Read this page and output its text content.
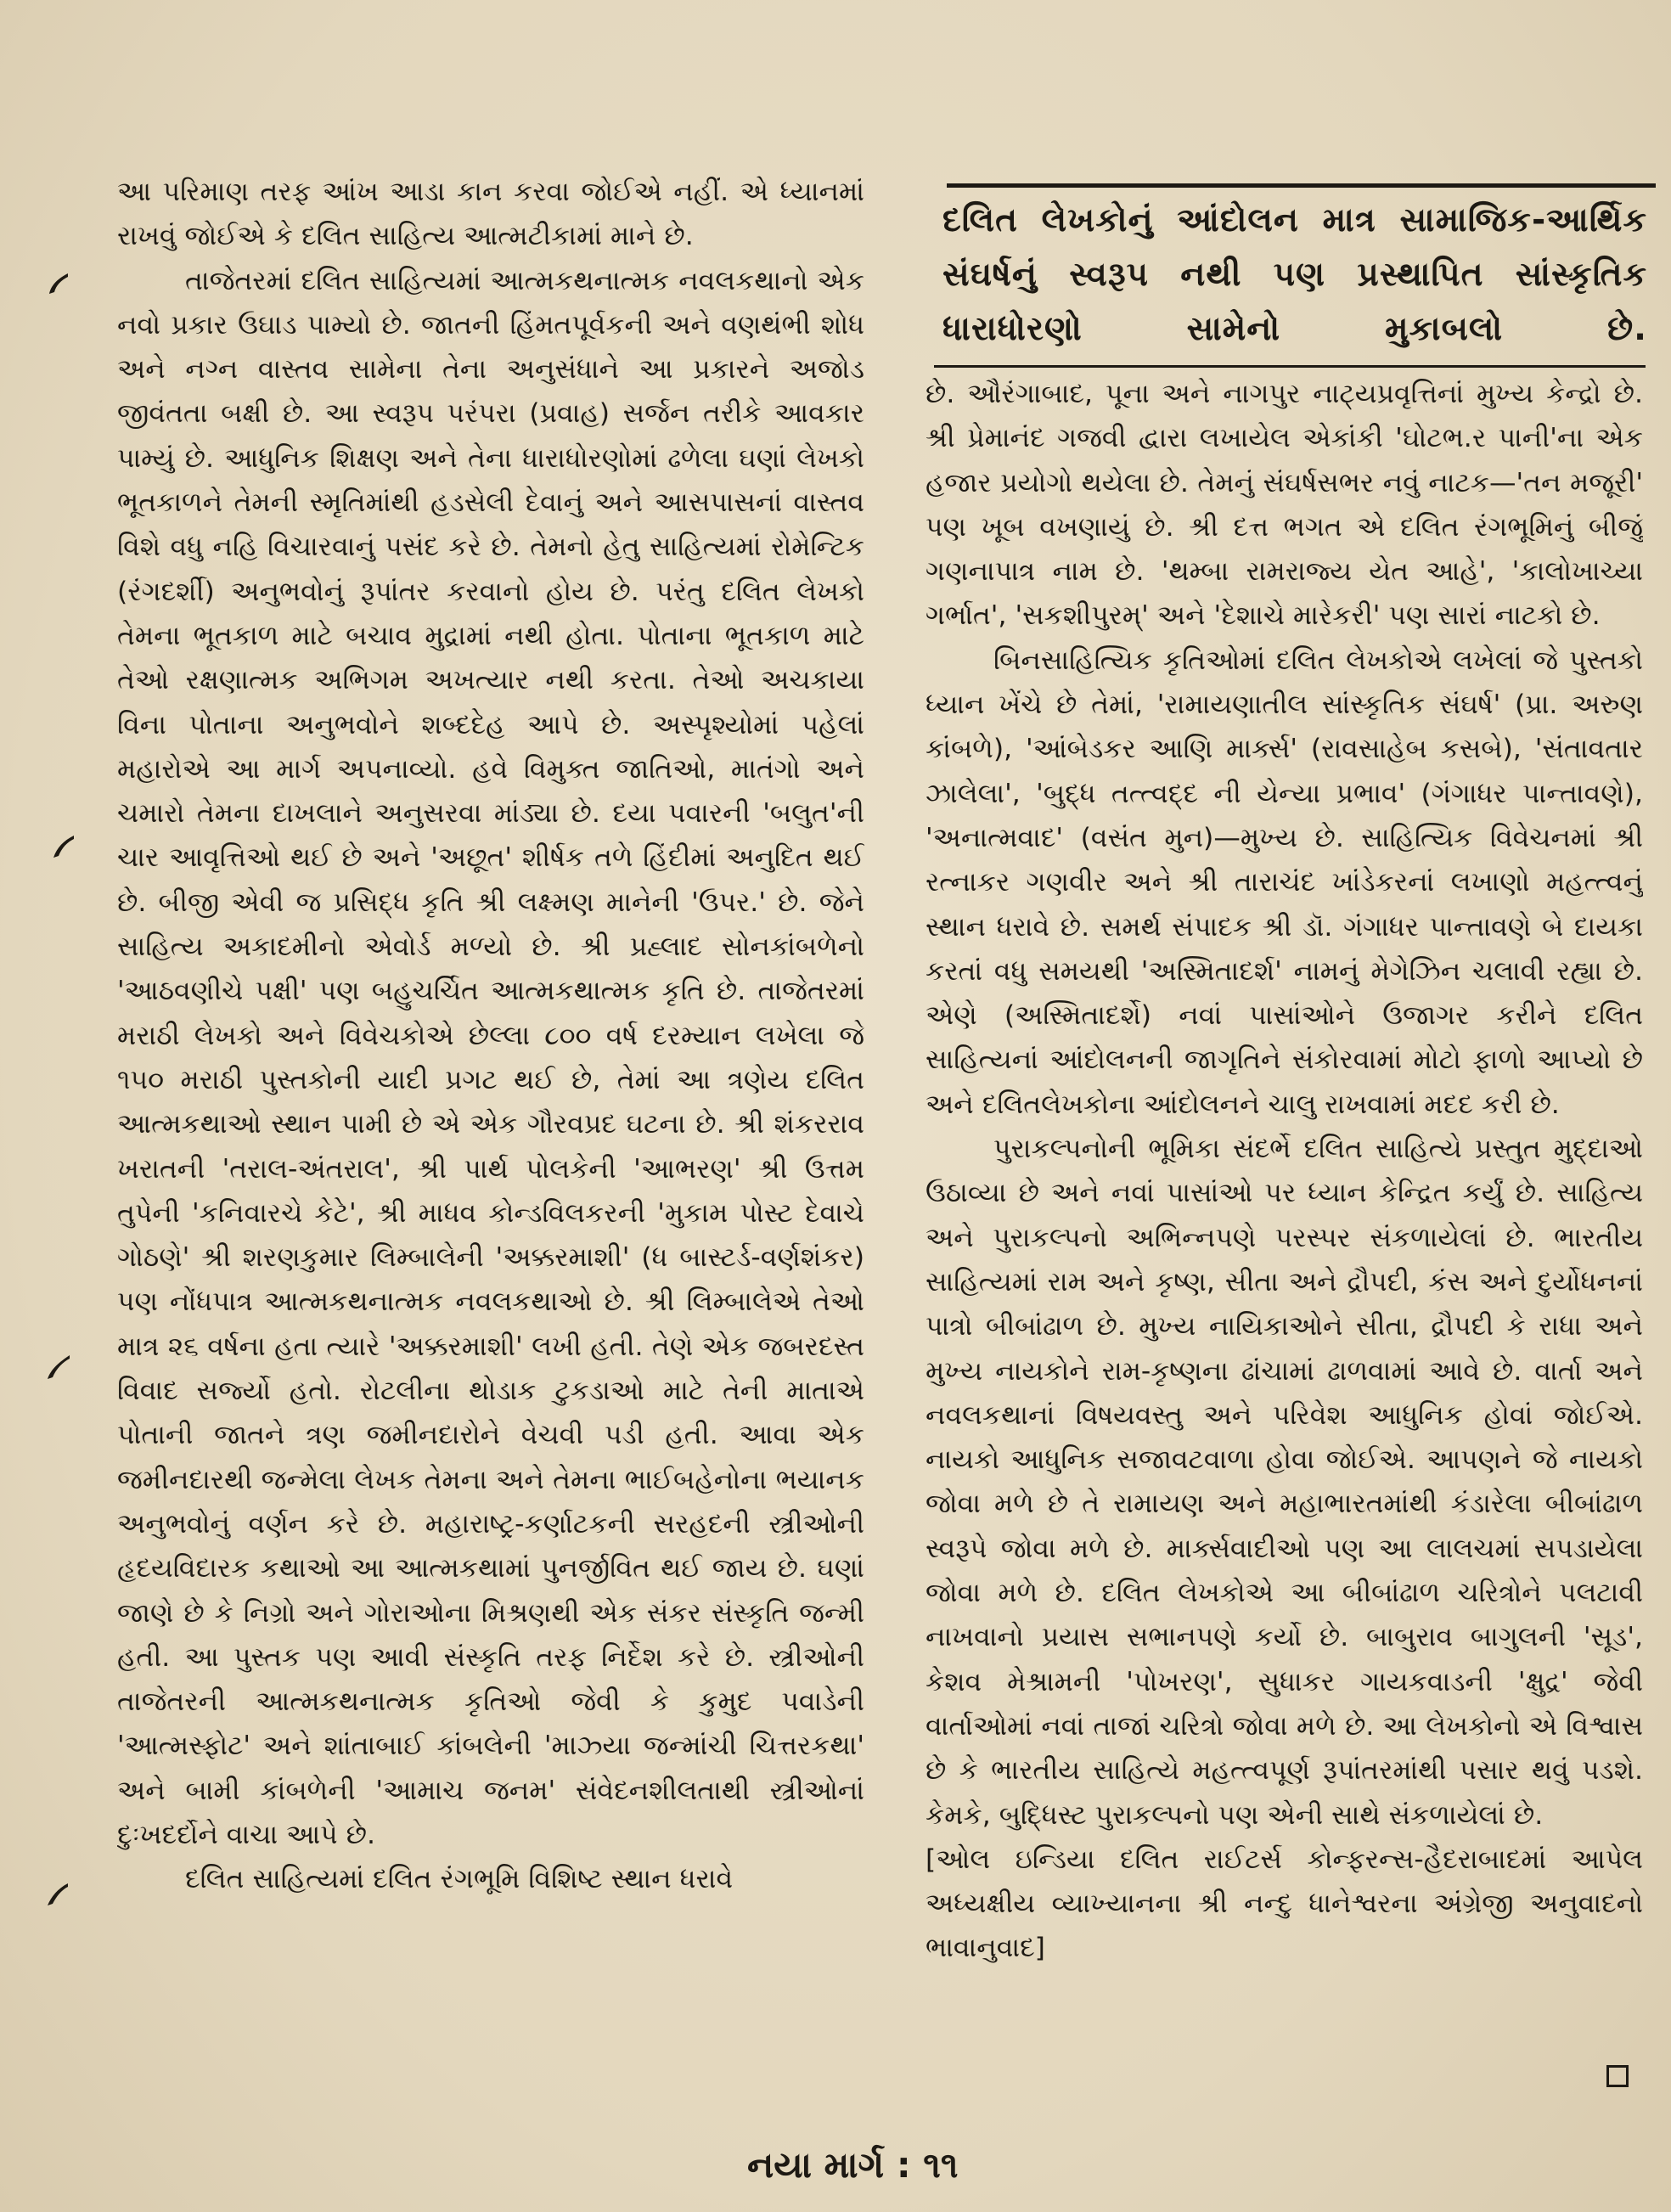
આ પરિમાણ તરફ આંખ આડા કાન કરવા જોઈએ નહીં. એ ધ્યાનમાં રાખવું જોઈએ કે દલિત સાહિત્ય આત્મટીકામાં માને છે.

તાજેતરમાં દલિત સાહિત્યમાં આત્મકથનાત્મક નવલકથાનો એક નવો પ્રકાર ઉઘાડ પામ્યો છે. જાતની હિંમતપૂર્વકની અને વણથંભી શોધ અને નગ્ન વાસ્તવ સામેના તેના અનુસંધાને આ પ્રકારને અજોડ જીવંતતા બક્ષી છે. આ સ્વરૂપ પરંપરા (પ્રવાહ) સર્જન તરીકે આવકાર પામ્યું છે. આધુનિક શિક્ષણ અને તેના ધારાધોરણોમાં ઢળેલા ઘણાં લેખકો ભૂતકાળને તેમની સ્મૃતિમાંથી હડસેલી દેવાનું અને આસપાસનાં વાસ્તવ વિશે વધુ નહિ વિચારવાનું પસંદ કરે છે. તેમનો હેતુ સાહિત્યમાં રોમેન્ટિક (રંગદર્શી) અનુભવોનું રૂપાંતર કરવાનો હોય છે. પરંતુ દલિત લેખકો તેમના ભૂતકાળ માટે બચાવ મુદ્રામાં નથી હોતા. પોતાના ભૂતકાળ માટે તેઓ રક્ષણાત્મક અભિગમ અખત્યાર નથી કરતા. તેઓ અચકાયા વિના પોતાના અનુભવોને શબ્દદેહ આપે છે. અસ્પૃશ્યોમાં પહેલાં મહારોએ આ માર્ગ અપનાવ્યો. હવે વિમુક્ત જાતિઓ, માતંગો અને ચમારો તેમના દાખલાને અનુસરવા માંડ્યા છે. દયા પવારની 'બલુત'ની ચાર આવૃત્તિઓ થઈ છે અને 'અછૂત' શીર્ષક તળે હિંદીમાં અનુદિત થઈ છે. બીજી એવી જ પ્રસિદ્ધ કૃતિ શ્રી લક્ષ્મણ માનેની 'ઉપર.' છે. જેને સાહિત્ય અકાદમીનો એવોર્ડ મળ્યો છે. શ્રી પ્રહ્લાદ સોનકાંબળેનો 'આઠવણીચે પક્ષી' પણ બહુચર્ચિત આત્મકથાત્મક કૃતિ છે. તાજેતરમાં મરાઠી લેખકો અને વિવેચકોએ છેલ્લા ૮૦૦ વર્ષ દરમ્યાન લખેલા જે ૧૫૦ મરાઠી પુસ્તકોની યાદી પ્રગટ થઈ છે, તેમાં આ ત્રણેય દલિત આત્મકથાઓ સ્થાન પામી છે એ એક ગૌરવપ્રદ ઘટના છે. શ્રી શંકરરાવ ખરાતની 'તરાલ-અંતરાલ', શ્રી પાર્થ પોલકેની 'આભરણ' શ્રી ઉત્તમ તુપેની 'કનિવારચે કેટે', શ્રી માધવ કોન્ડવિલકરની 'મુકામ પોસ્ટ દેવાચે ગોઠણે' શ્રી શરણકુમાર લિમ્બાલેની 'અક્કરમાશી' (ધ બાસ્ટર્ડ-વર્ણશંકર) પણ નોંધપાત્ર આત્મકથનાત્મક નવલકથાઓ છે. શ્રી લિમ્બાલેએ તેઓ માત્ર ૨૬ વર્ષના હતા ત્યારે 'અક્કરમાશી' લખી હતી. તેણે એક જબરદસ્ત વિવાદ સર્જ્યો હતો. રોટલીના થોડાક ટુકડાઓ માટે તેની માતાએ પોતાની જાતને ત્રણ જમીનદારોને વેચવી પડી હતી. આવા એક જમીનદારથી જન્મેલા લેખક તેમના અને તેમના ભાઈબહેનોના ભયાનક અનુભવોનું વર્ણન કરે છે. મહારાષ્ટ્ર-કર્ણાટકની સરહદની સ્ત્રીઓની હૃદયવિદારક કથાઓ આ આત્મકથામાં પુનર્જીવિત થઈ જાય છે. ઘણાં જાણે છે કે નિગ્રો અને ગોરાઓના મિશ્રણથી એક સંકર સંસ્કૃતિ જન્મી હતી. આ પુસ્તક પણ આવી સંસ્કૃતિ તરફ નિર્દેશ કરે છે. સ્ત્રીઓની તાજેતરની આત્મકથનાત્મક કૃતિઓ જેવી કે કુમુદ પવાડેની 'આત્મસ્ફોટ' અને શાંતાબાઈ કાંબલેની 'માઝ્યા જન્માંચી ચિત્તરકથા' અને બામી કાંબળેની 'આમાચ જનમ' સંવેદનશીલતાથી સ્ત્રીઓનાં દુઃખદર્દોને વાચા આપે છે.

દલિત સાહિત્યમાં દલિત રંગભૂમિ વિશિષ્ટ સ્થાન ધરાવે

દલિત લેખકોનું આંદોલન માત્ર સામાજિક-આર્થિક સંઘર્ષનું સ્વરૂપ નથી પણ પ્રસ્થાપિત સાંસ્કૃતિક ધારાધોરણો સામેનો મુકાબલો છે.

છે. ઔરંગાબાદ, પૂના અને નાગપુર નાટ્યપ્રવૃત્તિનાં મુખ્ય કેન્દ્રો છે. શ્રી પ્રેમાનંદ ગજવી દ્વારા લખાયેલ એકાંકી 'ઘોટભ.ર પાની'ના એક હજાર પ્રયોગો થયેલા છે. તેમનું સંઘર્ષસભર નવું નાટક—'તન મજૂરી' પણ ખૂબ વખણાયું છે. શ્રી દત્ત ભગત એ દલિત રંગભૂમિનું બીજું ગણનાપાત્ર નામ છે. 'થમ્બા રામરાજ્ય યેત આહે', 'કાલોખાચ્યા ગર્ભાત', 'સકશીપુરમ્' અને 'દેશાચે મારેકરી' પણ સારાં નાટકો છે.

બિનસાહિત્યિક કૃતિઓમાં દલિત લેખકોએ લખેલાં જે પુસ્તકો ધ્યાન ખેંચે છે તેમાં, 'રામાયણાતીલ સાંસ્કૃતિક સંઘર્ષ' (પ્રા. અરુણ કાંબળે), 'આંબેડકર આણિ માર્ક્સ' (રાવસાહેબ કસબે), 'સંતાવતાર ઝાલેલા', 'બુદ્ધ તત્ત્વદ્દ ની યેન્યા પ્રભાવ' (ગંગાધર પાન્તાવણે), 'અનાત્મવાદ' (વસંત મુન)—મુખ્ય છે. સાહિત્યિક વિવેચનમાં શ્રી રત્નાકર ગણવીર અને શ્રી તારાચંદ ખાંડેકરનાં લખાણો મહત્ત્વનું સ્થાન ધરાવે છે. સમર્થ સંપાદક શ્રી ડૉ. ગંગાધર પાન્તાવણે બે દાયકા કરતાં વધુ સમયથી 'અસ્મિતાદર્શ' નામનું મેગેઝિન ચલાવી રહ્યા છે. એણે (અસ્મિતાદર્શે) નવાં પાસાંઓને ઉજાગર કરીને દલિત સાહિત્યનાં આંદોલનની જાગૃતિને સંકોરવામાં મોટો ફાળો આપ્યો છે અને દલિતલેખકોના આંદોલનને ચાલુ રાખવામાં મદદ કરી છે.

પુરાકલ્પનોની ભૂમિકા સંદર્ભે દલિત સાહિત્યે પ્રસ્તુત મુદ્દાઓ ઉઠાવ્યા છે અને નવાં પાસાંઓ પર ધ્યાન કેન્દ્રિત કર્યું છે. સાહિત્ય અને પુરાકલ્પનો અભિન્નપણે પરસ્પર સંકળાયેલાં છે. ભારતીય સાહિત્યમાં રામ અને કૃષ્ણ, સીતા અને દ્રૌપદી, કંસ અને દુર્યોધનનાં પાત્રો બીબાંઢાળ છે. મુખ્ય નાયિકાઓને સીતા, દ્રૌપદી કે રાધા અને મુખ્ય નાયકોને રામ-કૃષ્ણના ઢાંચામાં ઢાળવામાં આવે છે. વાર્તા અને નવલકથાનાં વિષયવસ્તુ અને પરિવેશ આધુનિક હોવાં જોઈએ. નાયકો આધુનિક સજાવટવાળા હોવા જોઈએ. આપણને જે નાયકો જોવા મળે છે તે રામાયણ અને મહાભારતમાંથી કંડારેલા બીબાંઢાળ સ્વરૂપે જોવા મળે છે. માર્ક્સવાદીઓ પણ આ લાલચમાં સપડાયેલા જોવા મળે છે. દલિત લેખકોએ આ બીબાંઢાળ ચરિત્રોને પલટાવી નાખવાનો પ્રયાસ સભાનપણે કર્યો છે. બાબુરાવ બાગુલની 'સૂડ', કેશવ મેશ્રામની 'પોખરણ', સુધાકર ગાયકવાડની 'ક્ષુદ્ર' જેવી વાર્તાઓમાં નવાં તાજાં ચરિત્રો જોવા મળે છે. આ લેખકોનો એ વિશ્વાસ છે કે ભારતીય સાહિત્યે મહત્ત્વપૂર્ણ રૂપાંતરમાંથી પસાર થવું પડશે. કેમકે, બુદ્ધિસ્ટ પુરાકલ્પનો પણ એની સાથે સંકળાયેલાં છે.

[ઓલ ઇન્ડિયા દલિત રાઈટર્સ કોન્ફરન્સ-હૈદરાબાદમાં આપેલ અધ્યક્ષીય વ્યાખ્યાનના શ્રી નન્દુ ધાનેશ્વરના અંગ્રેજી અનુવાદનો ભાવાનુવાદ]

નયા માર્ગ : ૧૧
